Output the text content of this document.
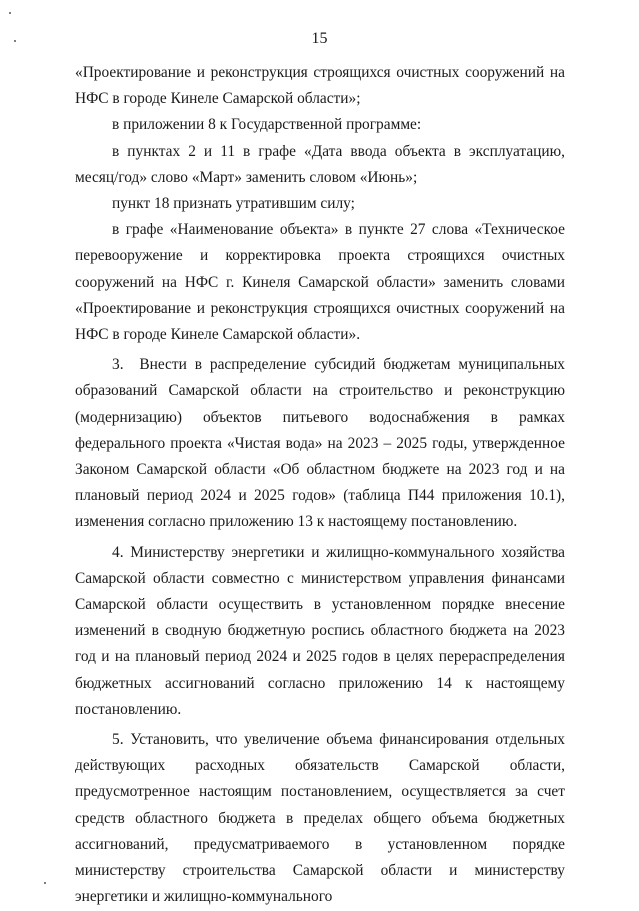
15

«Проектирование и реконструкция строящихся очистных сооружений на НФС в городе Кинеле Самарской области»;

в приложении 8 к Государственной программе:

в пунктах 2 и 11 в графе «Дата ввода объекта в эксплуатацию, месяц/год» слово «Март» заменить словом «Июнь»;

пункт 18 признать утратившим силу;

в графе «Наименование объекта» в пункте 27 слова «Техническое перевооружение и корректировка проекта строящихся очистных сооружений на НФС г. Кинеля Самарской области» заменить словами «Проектирование и реконструкция строящихся очистных сооружений на НФС в городе Кинеле Самарской области».

3.  Внести в распределение субсидий бюджетам муниципальных образований Самарской области на строительство и реконструкцию (модернизацию) объектов питьевого водоснабжения в рамках федерального проекта «Чистая вода» на 2023 – 2025 годы, утвержденное Законом Самарской области «Об областном бюджете на 2023 год и на плановый период 2024 и 2025 годов» (таблица П44 приложения 10.1), изменения согласно приложению 13 к настоящему постановлению.

4. Министерству энергетики и жилищно-коммунального хозяйства Самарской области совместно с министерством управления финансами Самарской области осуществить в установленном порядке внесение изменений в сводную бюджетную роспись областного бюджета на 2023 год и на плановый период 2024 и 2025 годов в целях перераспределения бюджетных ассигнований согласно приложению 14 к настоящему постановлению.

5. Установить, что увеличение объема финансирования отдельных действующих расходных обязательств Самарской области, предусмотренное настоящим постановлением, осуществляется за счет средств областного бюджета в пределах общего объема бюджетных ассигнований, предусматриваемого в установленном порядке министерству строительства Самарской области и министерству энергетики и жилищно-коммунального
